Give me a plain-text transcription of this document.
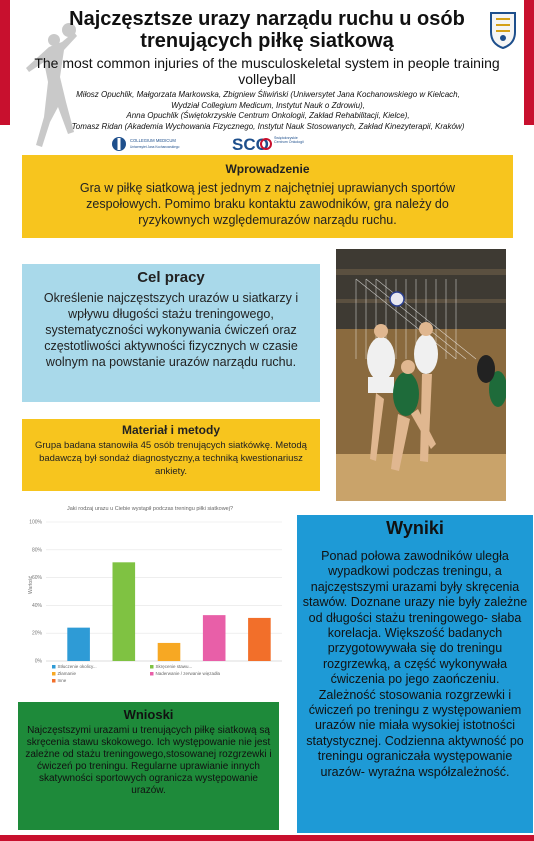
Najczęsztsze urazy narządu ruchu u osób trenujących piłkę siatkową
The most common injuries of the musculoskeletal system in people training volleyball
Miłosz Opuchlik, Małgorzata Markowska, Zbigniew Śliwiński (Uniwersytet Jana Kochanowskiego w Kielcach,
Wydział Collegium Medicum, Instytut Nauk o Zdrowiu),
Anna Opuchlik (Świętokrzyskie Centrum Onkologii, Zakład Rehabilitacji, Kielce),
Tomasz Ridan (Akademia Wychowania Fizycznego, Instytut Nauk Stosowanych, Zakład Kinezyterapii, Kraków)
COLLEGIUM MEDICUM
Uniwersytet Jana Kochanowskiego	SCO Świętokrzyskie Centrum Onkologii
Wprowadzenie

Gra w piłkę siatkową jest jednym z najchętniej uprawianych sportów zespołowych. Pomimo braku kontaktu zawodników, gra należy do ryzykownych względemurazów narządu ruchu.

Cel pracy

Określenie najczęstszych urazów u siatkarzy i wpływu długości stażu treningowego, systematyczności wykonywania ćwiczeń oraz częstotliwości aktywności fizycznych w czasie wolnym na powstanie urazów narządu ruchu.

Materiał i metody

Grupa badana stanowiła 45 osób trenujących siatkówkę. Metodą badawczą był sondaż diagnostyczny,a techniką kwestionariusz ankiety.

Jaki rodzaj urazu u Ciebie wystąpił podczas treningu piłki siatkowej?
Wartość
0%
20%
40%
60%
80%
100%
Stłuczenie okolicy...	Skręcenie stawu...
Złamanie	Naderwanie / zerwanie więzadła
Inne
Wnioski

Najczęstszymi urazami u trenujących piłkę siatkową są skręcenia stawu skokowego. Ich występowanie nie jest zależne od stażu treningowego,stosowanej rozgrzewki i ćwiczeń po treningu. Regularne uprawianie innych skatywności sportowych ogranicza występowanie urazów.

Wyniki

Ponad połowa zawodników uległa wypadkowi podczas treningu, a najczęstszymi urazami były skręcenia stawów. Doznane urazy nie były zależne od długości stażu treningowego- słaba korelacja. Większość badanych przygotowywała się do treningu rozgrzewką, a część wykonywała ćwiczenia po jego zaończeniu. Zależność stosowania rozgrzewki i ćwiczeń po treningu z występowaniem urazów nie miała wysokiej istotności statystycznej. Codzienna aktywność po treningu ograniczała występowanie urazów- wyraźna współzależność.
